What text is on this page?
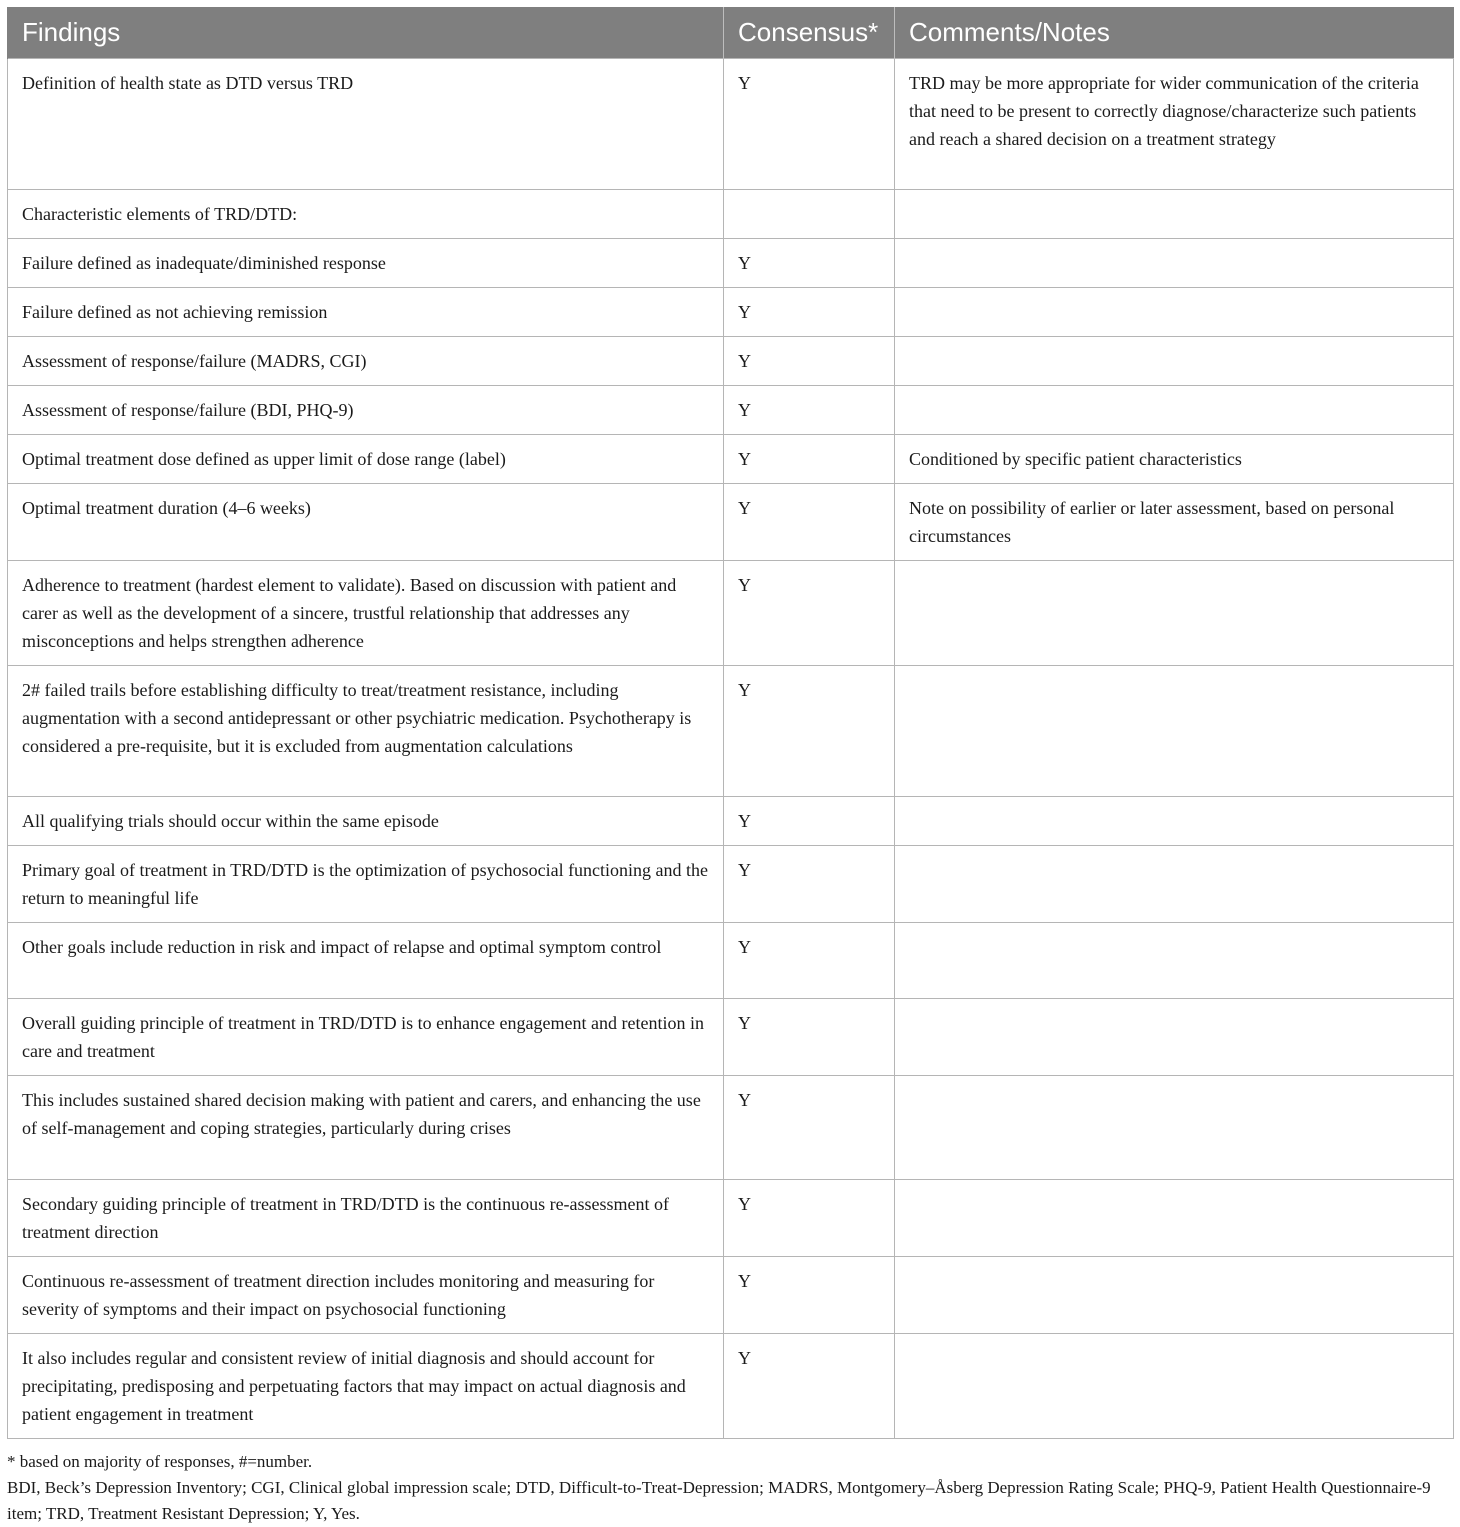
Findings	Consensus*	Comments/Notes
Definition of health state as DTD versus TRD	Y	TRD may be more appropriate for wider communication of the criteria that need to be present to correctly diagnose/characterize such patients and reach a shared decision on a treatment strategy
Characteristic elements of TRD/DTD:		
Failure defined as inadequate/diminished response	Y	
Failure defined as not achieving remission	Y	
Assessment of response/failure (MADRS, CGI)	Y	
Assessment of response/failure (BDI, PHQ-9)	Y	
Optimal treatment dose defined as upper limit of dose range (label)	Y	Conditioned by specific patient characteristics
Optimal treatment duration (4–6 weeks)	Y	Note on possibility of earlier or later assessment, based on personal circumstances
Adherence to treatment (hardest element to validate). Based on discussion with patient and carer as well as the development of a sincere, trustful relationship that addresses any misconceptions and helps strengthen adherence	Y	
2# failed trails before establishing difficulty to treat/treatment resistance, including augmentation with a second antidepressant or other psychiatric medication. Psychotherapy is considered a pre-requisite, but it is excluded from augmentation calculations	Y	
All qualifying trials should occur within the same episode	Y	
Primary goal of treatment in TRD/DTD is the optimization of psychosocial functioning and the return to meaningful life	Y	
Other goals include reduction in risk and impact of relapse and optimal symptom control	Y	
Overall guiding principle of treatment in TRD/DTD is to enhance engagement and retention in care and treatment	Y	
This includes sustained shared decision making with patient and carers, and enhancing the use of self-management and coping strategies, particularly during crises	Y	
Secondary guiding principle of treatment in TRD/DTD is the continuous re-assessment of treatment direction	Y	
Continuous re-assessment of treatment direction includes monitoring and measuring for severity of symptoms and their impact on psychosocial functioning	Y	
It also includes regular and consistent review of initial diagnosis and should account for precipitating, predisposing and perpetuating factors that may impact on actual diagnosis and patient engagement in treatment	Y	
* based on majority of responses, #=number.
BDI, Beck’s Depression Inventory; CGI, Clinical global impression scale; DTD, Difficult-to-Treat-Depression; MADRS, Montgomery–Åsberg Depression Rating Scale; PHQ-9, Patient Health Questionnaire-9 item; TRD, Treatment Resistant Depression; Y, Yes.
